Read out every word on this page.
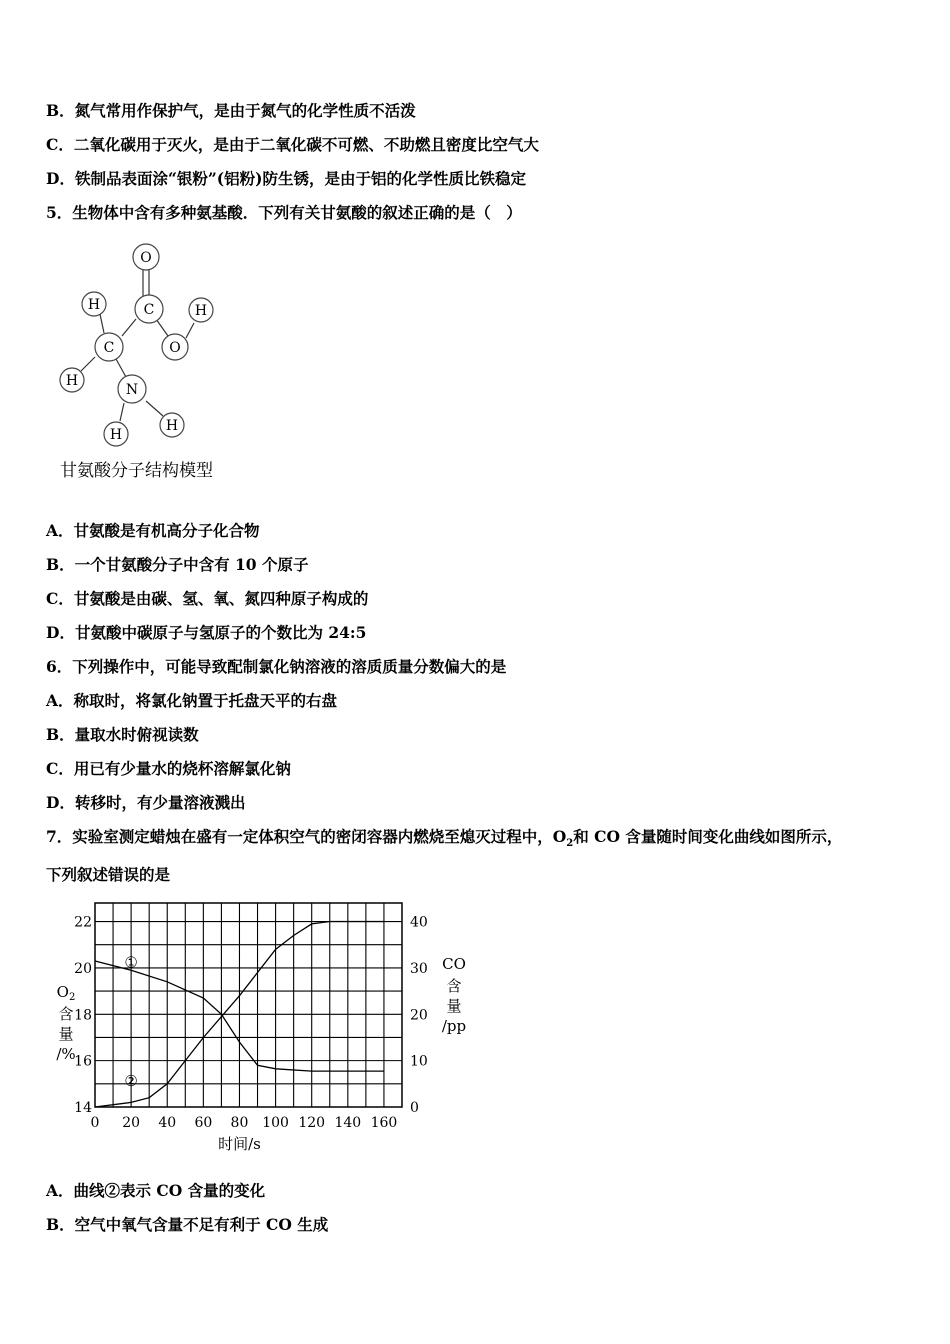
B．氮气常用作保护气，是由于氮气的化学性质不活泼
C．二氧化碳用于灭火，是由于二氧化碳不可燃、不助燃且密度比空气大
D．铁制品表面涂“银粉”(铝粉)防生锈，是由于铝的化学性质比铁稳定
5．生物体中含有多种氨基酸．下列有关甘氨酸的叙述正确的是（　）
O
C	H
O
H
C
H
N
H
H
甘氨酸分子结构模型
A．甘氨酸是有机高分子化合物
B．一个甘氨酸分子中含有 10 个原子
C．甘氨酸是由碳、氢、氧、氮四种原子构成的
D．甘氨酸中碳原子与氢原子的个数比为 24:5
6．下列操作中，可能导致配制氯化钠溶液的溶质质量分数偏大的是
A．称取时，将氯化钠置于托盘天平的右盘
B．量取水时俯视读数
C．用已有少量水的烧杯溶解氯化钠
D．转移时，有少量溶液溅出
7．实验室测定蜡烛在盛有一定体积空气的密闭容器内燃烧至熄灭过程中，$O_2$和 CO 含量随时间变化曲线如图所示，
下列叙述错误的是
0 20 40 60 80 100 120 140 160
14
16
18
20
22
0
10
20
30
40
①
②
时间/s
$O_2$
含
量
/%
CO
含
量
/pp
A．曲线②表示 CO 含量的变化
B．空气中氧气含量不足有利于 CO 生成
